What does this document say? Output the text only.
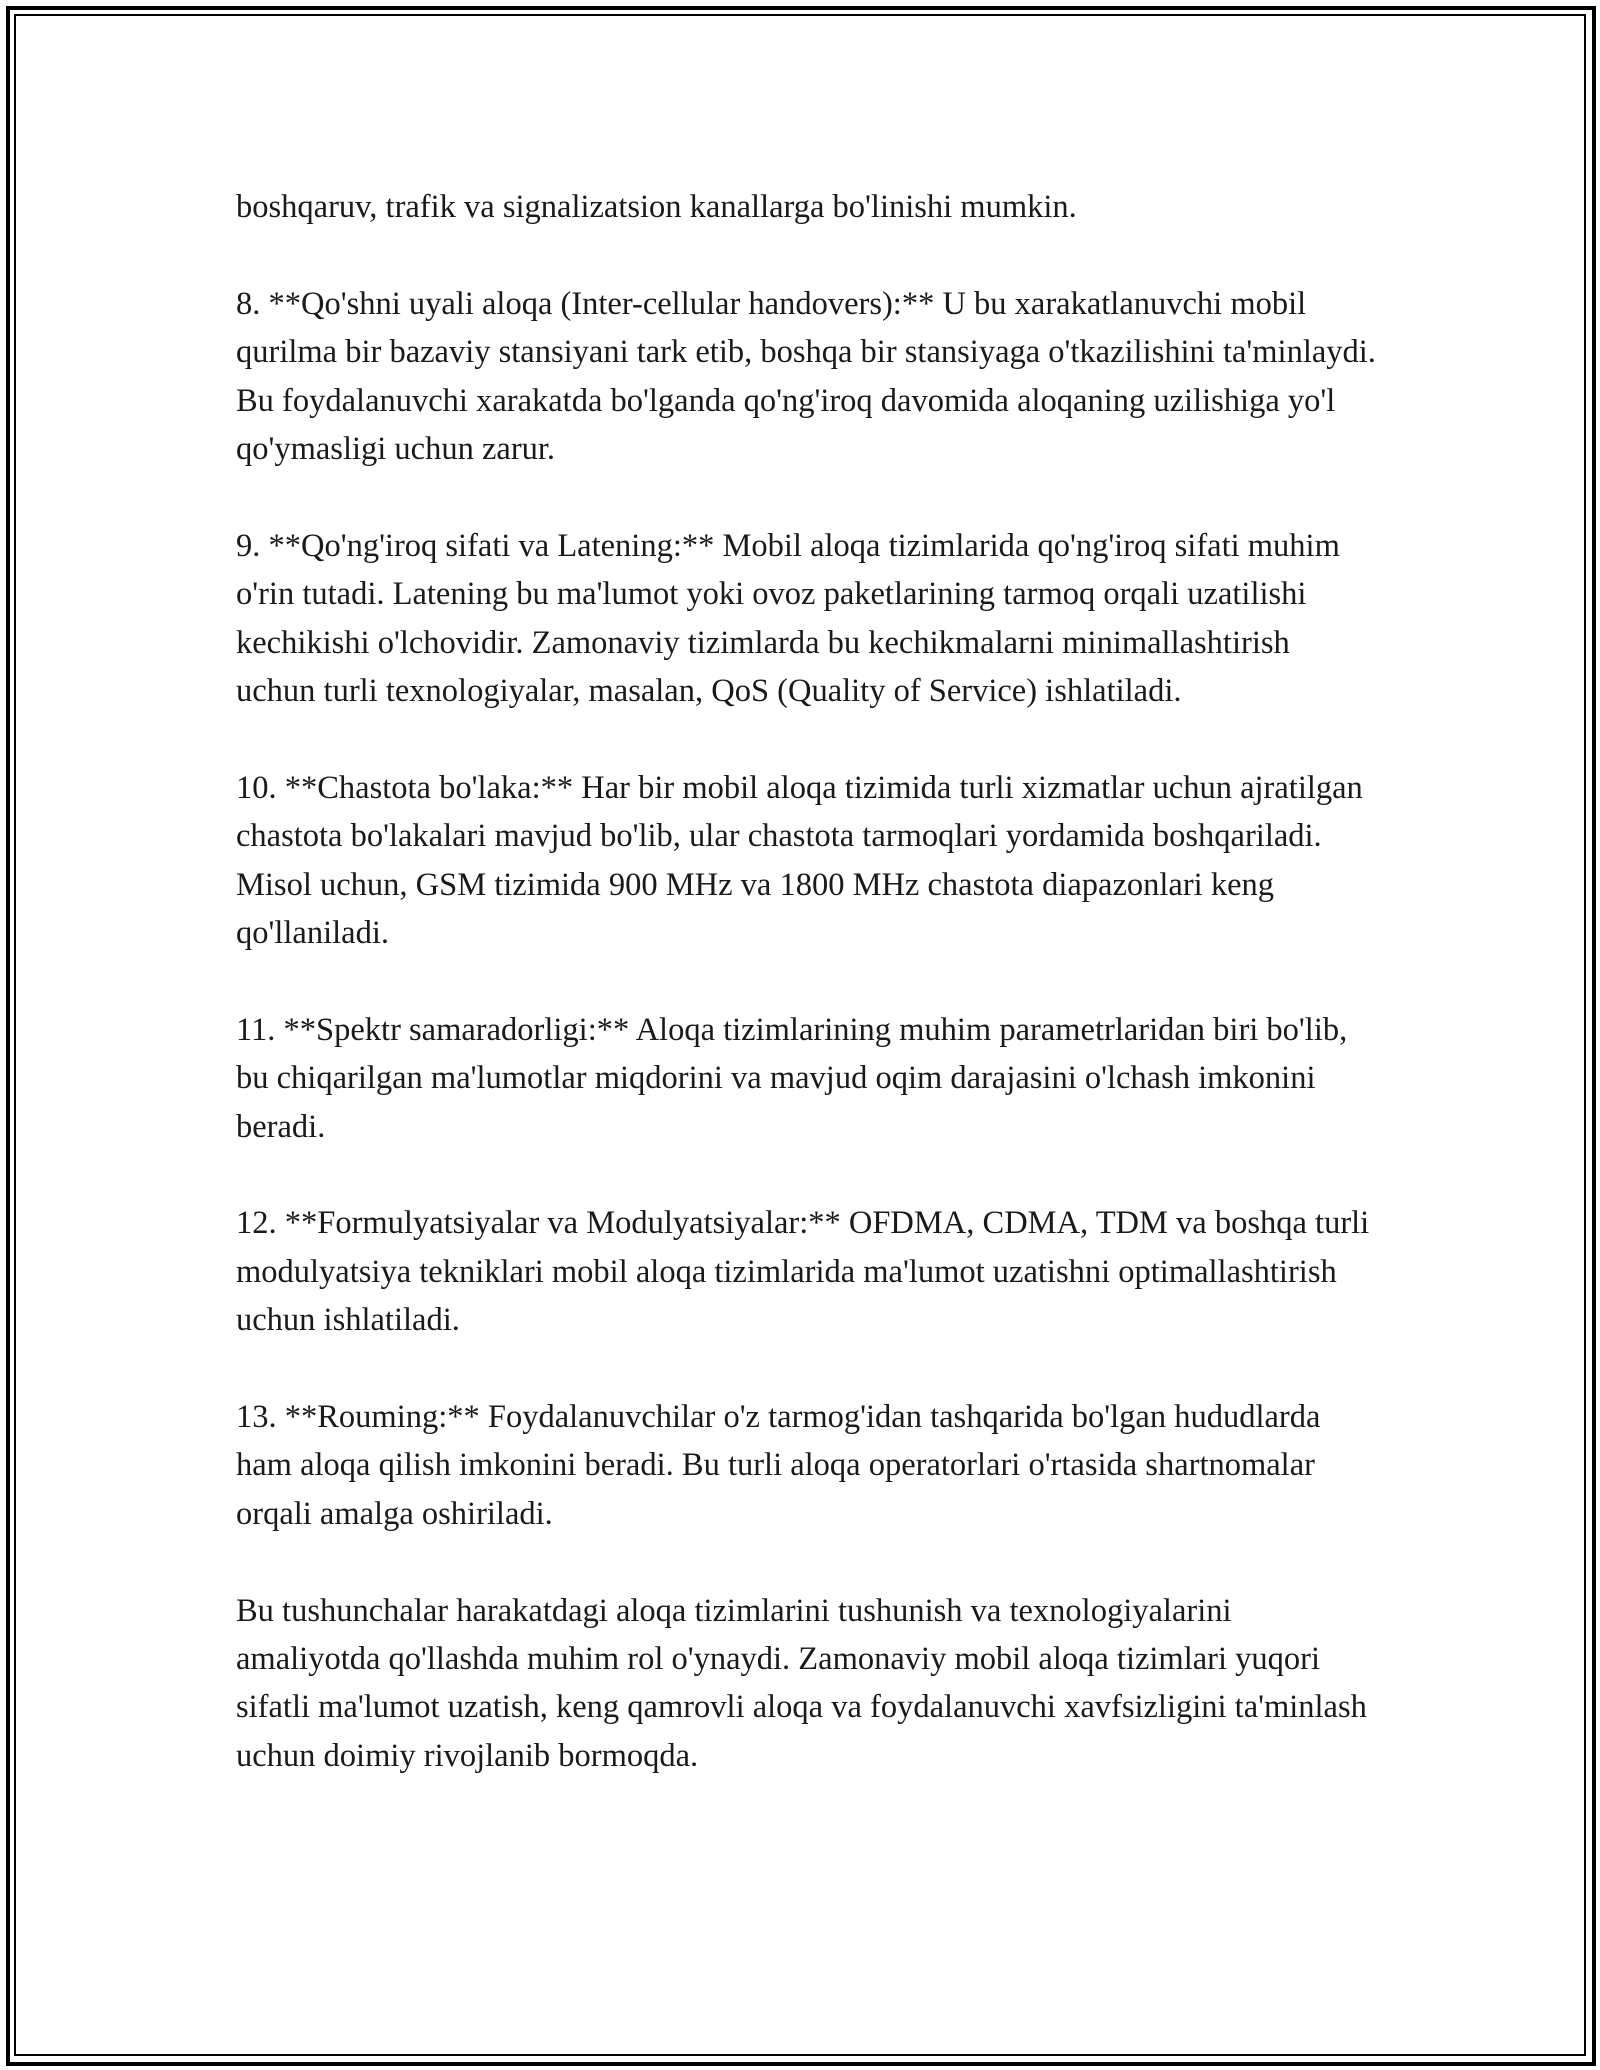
boshqaruv, trafik va signalizatsion kanallarga bo'linishi mumkin.

8. **Qo'shni uyali aloqa (Inter-cellular handovers):** U bu xarakatlanuvchi mobil qurilma bir bazaviy stansiyani tark etib, boshqa bir stansiyaga o'tkazilishini ta'minlaydi. Bu foydalanuvchi xarakatda bo'lganda qo'ng'iroq davomida aloqaning uzilishiga yo'l qo'ymasligi uchun zarur.

9. **Qo'ng'iroq sifati va Latening:** Mobil aloqa tizimlarida qo'ng'iroq sifati muhim o'rin tutadi. Latening bu ma'lumot yoki ovoz paketlarining tarmoq orqali uzatilishi kechikishi o'lchovidir. Zamonaviy tizimlarda bu kechikmalarni minimallashtirish uchun turli texnologiyalar, masalan, QoS (Quality of Service) ishlatiladi.

10. **Chastota bo'laka:** Har bir mobil aloqa tizimida turli xizmatlar uchun ajratilgan chastota bo'lakalari mavjud bo'lib, ular chastota tarmoqlari yordamida boshqariladi. Misol uchun, GSM tizimida 900 MHz va 1800 MHz chastota diapazonlari keng qo'llaniladi.

11. **Spektr samaradorligi:** Aloqa tizimlarining muhim parametrlaridan biri bo'lib, bu chiqarilgan ma'lumotlar miqdorini va mavjud oqim darajasini o'lchash imkonini beradi.

12. **Formulyatsiyalar va Modulyatsiyalar:** OFDMA, CDMA, TDM va boshqa turli modulyatsiya tekniklari mobil aloqa tizimlarida ma'lumot uzatishni optimallashtirish uchun ishlatiladi.

13. **Rouming:** Foydalanuvchilar o'z tarmog'idan tashqarida bo'lgan hududlarda ham aloqa qilish imkonini beradi. Bu turli aloqa operatorlari o'rtasida shartnomalar orqali amalga oshiriladi.

Bu tushunchalar harakatdagi aloqa tizimlarini tushunish va texnologiyalarini amaliyotda qo'llashda muhim rol o'ynaydi. Zamonaviy mobil aloqa tizimlari yuqori sifatli ma'lumot uzatish, keng qamrovli aloqa va foydalanuvchi xavfsizligini ta'minlash uchun doimiy rivojlanib bormoqda.
